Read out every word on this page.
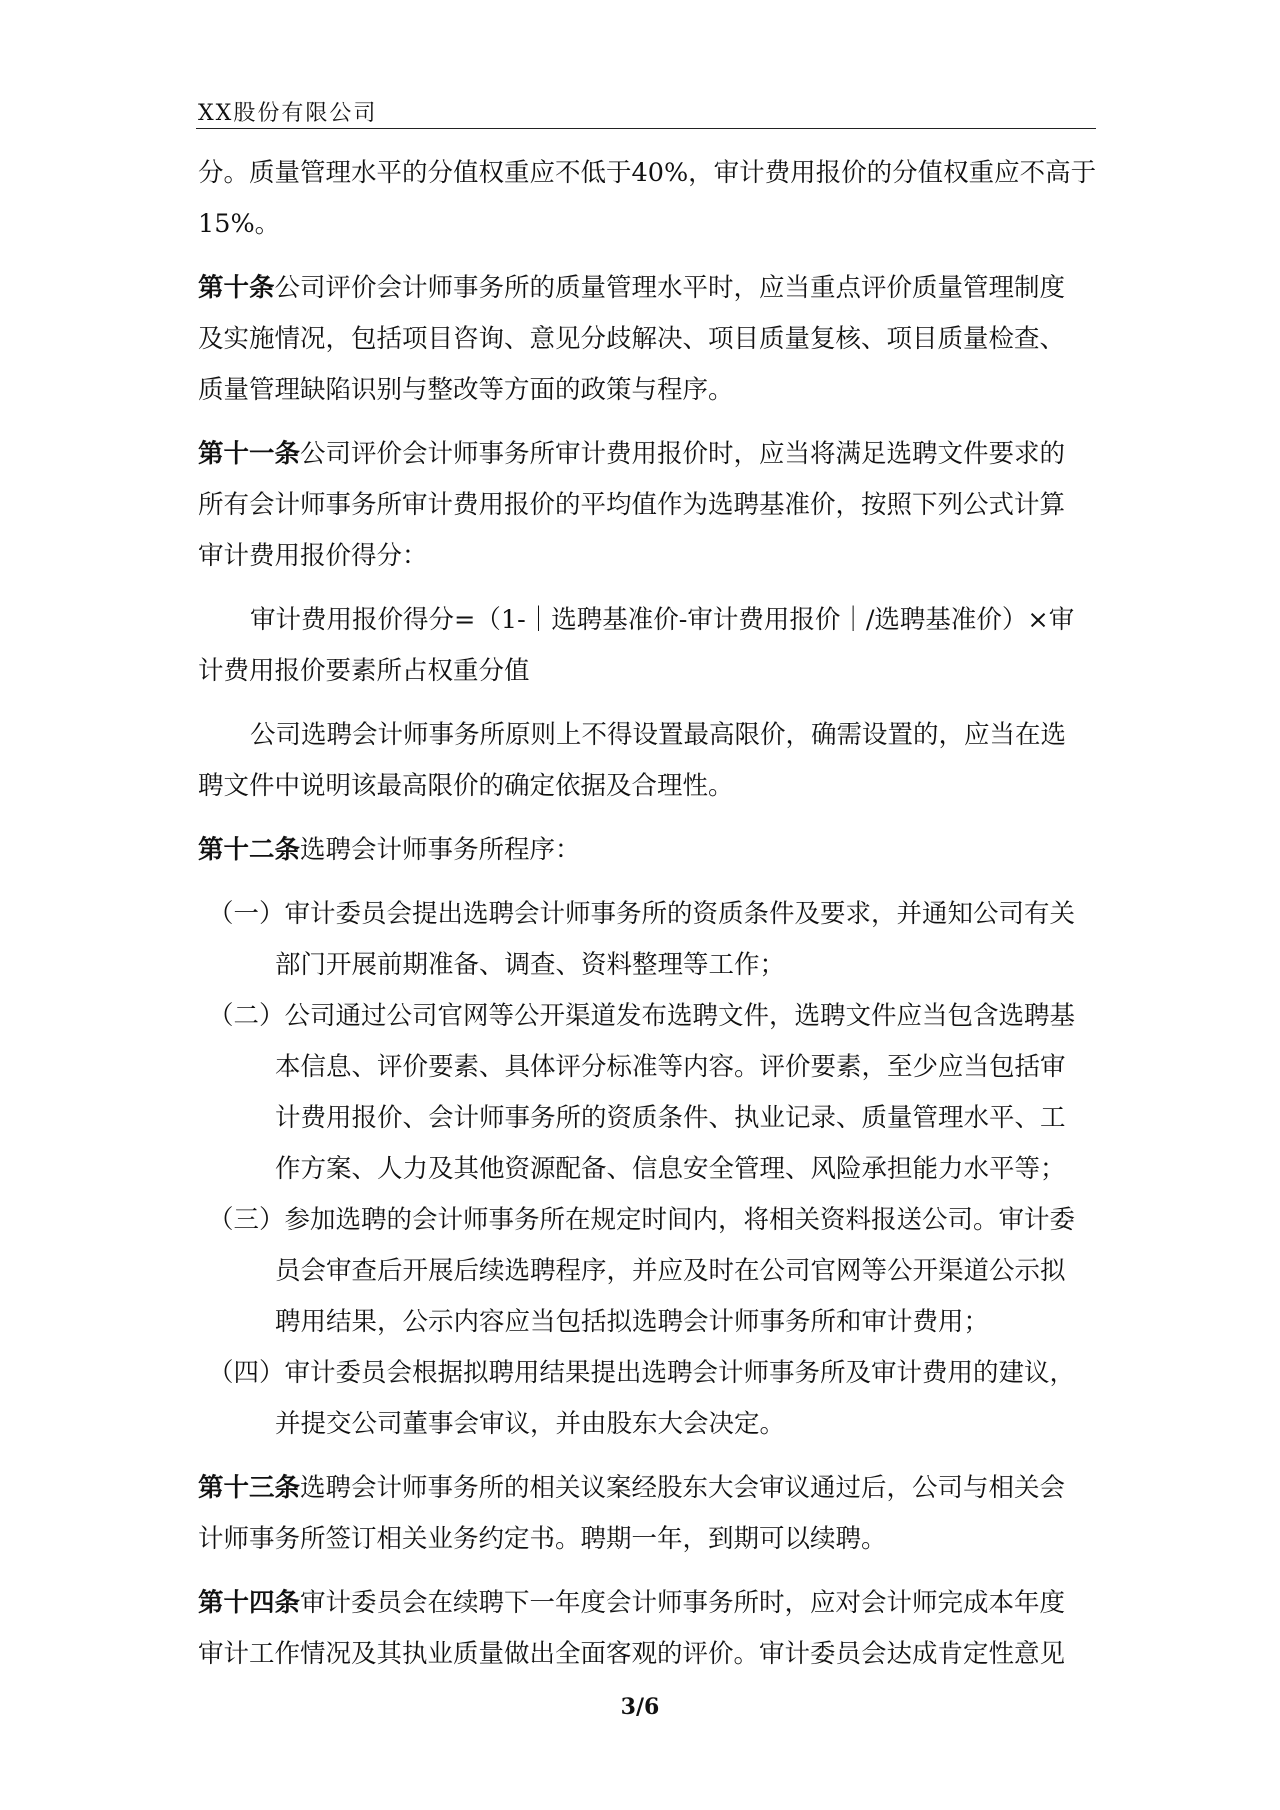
XX股份有限公司
分。质量管理水平的分值权重应不低于40%，审计费用报价的分值权重应不高于
15%。
第十条公司评价会计师事务所的质量管理水平时，应当重点评价质量管理制度
及实施情况，包括项目咨询、意见分歧解决、项目质量复核、项目质量检查、
质量管理缺陷识别与整改等方面的政策与程序。
第十一条公司评价会计师事务所审计费用报价时，应当将满足选聘文件要求的
所有会计师事务所审计费用报价的平均值作为选聘基准价，按照下列公式计算
审计费用报价得分：
审计费用报价得分=（1-｜选聘基准价-审计费用报价｜/选聘基准价）×审
计费用报价要素所占权重分值
公司选聘会计师事务所原则上不得设置最高限价，确需设置的，应当在选
聘文件中说明该最高限价的确定依据及合理性。
第十二条选聘会计师事务所程序：
（一）审计委员会提出选聘会计师事务所的资质条件及要求，并通知公司有关
部门开展前期准备、调查、资料整理等工作；
（二）公司通过公司官网等公开渠道发布选聘文件，选聘文件应当包含选聘基
本信息、评价要素、具体评分标准等内容。评价要素，至少应当包括审
计费用报价、会计师事务所的资质条件、执业记录、质量管理水平、工
作方案、人力及其他资源配备、信息安全管理、风险承担能力水平等；
（三）参加选聘的会计师事务所在规定时间内，将相关资料报送公司。审计委
员会审查后开展后续选聘程序，并应及时在公司官网等公开渠道公示拟
聘用结果，公示内容应当包括拟选聘会计师事务所和审计费用；
（四）审计委员会根据拟聘用结果提出选聘会计师事务所及审计费用的建议，
并提交公司董事会审议，并由股东大会决定。
第十三条选聘会计师事务所的相关议案经股东大会审议通过后，公司与相关会
计师事务所签订相关业务约定书。聘期一年，到期可以续聘。
第十四条审计委员会在续聘下一年度会计师事务所时，应对会计师完成本年度
审计工作情况及其执业质量做出全面客观的评价。审计委员会达成肯定性意见
3/6
